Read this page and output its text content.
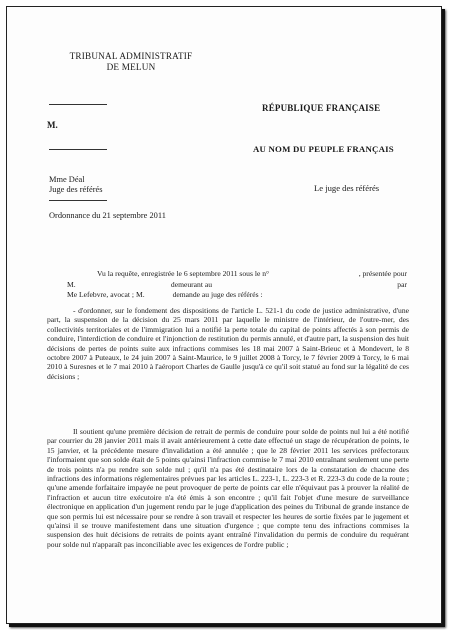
TRIBUNAL ADMINISTRATIF
DE MELUN
M.
Mme Déal
Juge des référés
Ordonnance du 21 septembre 2011
RÉPUBLIQUE FRANÇAISE
AU NOM DU PEUPLE FRANÇAIS
Le juge des référés
Vu la requête, enregistrée le 6 septembre 2011 sous le n°	, présentée pour
M.	demeurant au	par
Me Lefebvre, avocat ; M.	demande au juge des référés :

- d'ordonner, sur le fondement des dispositions de l'article L. 521-1 du code de justice administrative, d'une part, la suspension de la décision du 25 mars 2011 par laquelle le ministre de l'intérieur, de l'outre-mer, des collectivités territoriales et de l'immigration lui a notifié la perte totale du capital de points affectés à son permis de conduire, l'interdiction de conduire et l'injonction de restitution du permis annulé, et d'autre part, la suspension des huit décisions de pertes de points suite aux infractions commises les 18 mai 2007 à Saint-Brieuc et à Mondevert, le 8 octobre 2007 à Puteaux, le 24 juin 2007 à Saint-Maurice, le 9 juillet 2008 à Torcy, le 7 février 2009 à Torcy, le 6 mai 2010 à Suresnes et le 7 mai 2010 à l'aéroport Charles de Gaulle jusqu'à ce qu'il soit statué au fond sur la légalité de ces décisions ;

Il soutient qu'une première décision de retrait de permis de conduire pour solde de points nul lui a été notifié par courrier du 28 janvier 2011 mais il avait antérieurement à cette date effectué un stage de récupération de points, le 15 janvier, et la précédente mesure d'invalidation a été annulée ; que le 28 février 2011 les services préfectoraux l'informaient que son solde était de 5 points qu'ainsi l'infraction commise le 7 mai 2010 entraînant seulement une perte de trois points n'a pu rendre son solde nul ; qu'il n'a pas été destinataire lors de la constatation de chacune des infractions des informations réglementaires prévues par les articles L. 223-1, L. 223-3 et R. 223-3 du code de la route ; qu'une amende forfaitaire impayée ne peut provoquer de perte de points car elle n'équivaut pas à prouver la réalité de l'infraction et aucun titre exécutoire n'a été émis à son encontre ; qu'il fait l'objet d'une mesure de surveillance électronique en application d'un jugement rendu par le juge d'application des peines du Tribunal de grande instance de que son permis lui est nécessaire pour se rendre à son travail et respecter les heures de sortie fixées par le jugement et qu'ainsi il se trouve manifestement dans une situation d'urgence ; que compte tenu des infractions commises la suspension des huit décisions de retraits de points ayant entraîné l'invalidation du permis de conduire du requérant pour solde nul n'apparaît pas inconciliable avec les exigences de l'ordre public ;
